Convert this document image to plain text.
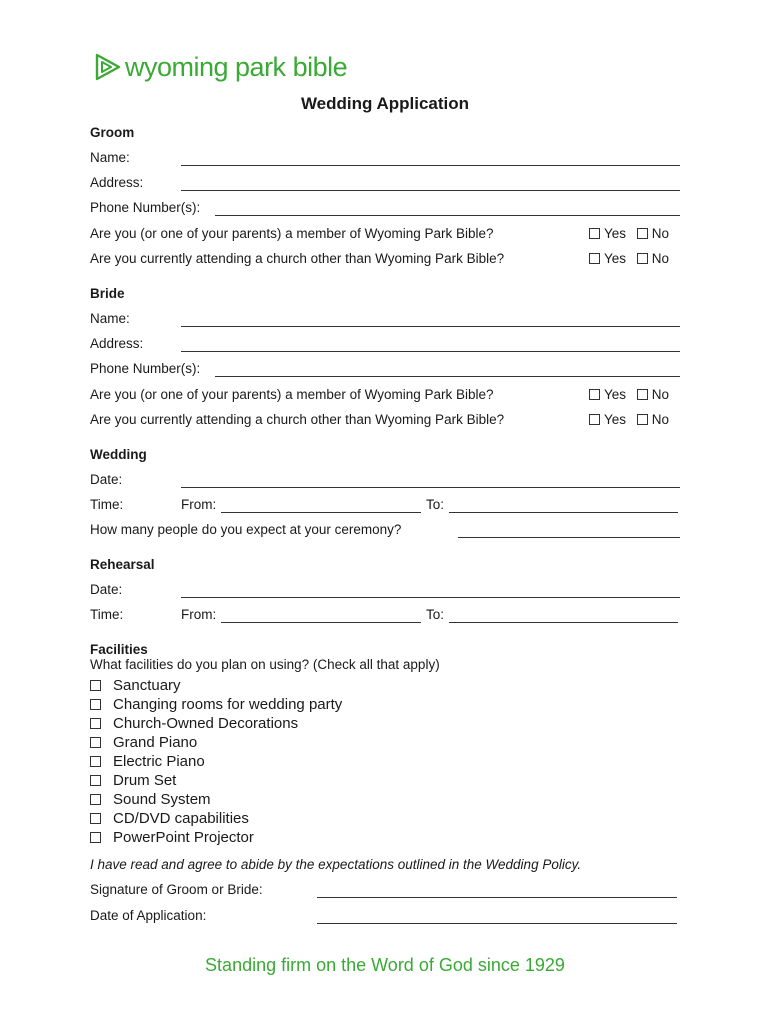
wyoming park bible
Wedding Application
Groom
Name:
Address:
Phone Number(s):
Are you (or one of your parents) a member of Wyoming Park Bible?	Yes No
Are you currently attending a church other than Wyoming Park Bible?	Yes No
Bride
Name:
Address:
Phone Number(s):
Are you (or one of your parents) a member of Wyoming Park Bible?	Yes No
Are you currently attending a church other than Wyoming Park Bible?	Yes No
Wedding
Date:
Time:	From:	To:
How many people do you expect at your ceremony?
Rehearsal
Date:
Time:	From:	To:
Facilities
What facilities do you plan on using? (Check all that apply)
Sanctuary
Changing rooms for wedding party
Church-Owned Decorations
Grand Piano
Electric Piano
Drum Set
Sound System
CD/DVD capabilities
PowerPoint Projector
I have read and agree to abide by the expectations outlined in the Wedding Policy.
Signature of Groom or Bride:
Date of Application:
Standing firm on the Word of God since 1929
